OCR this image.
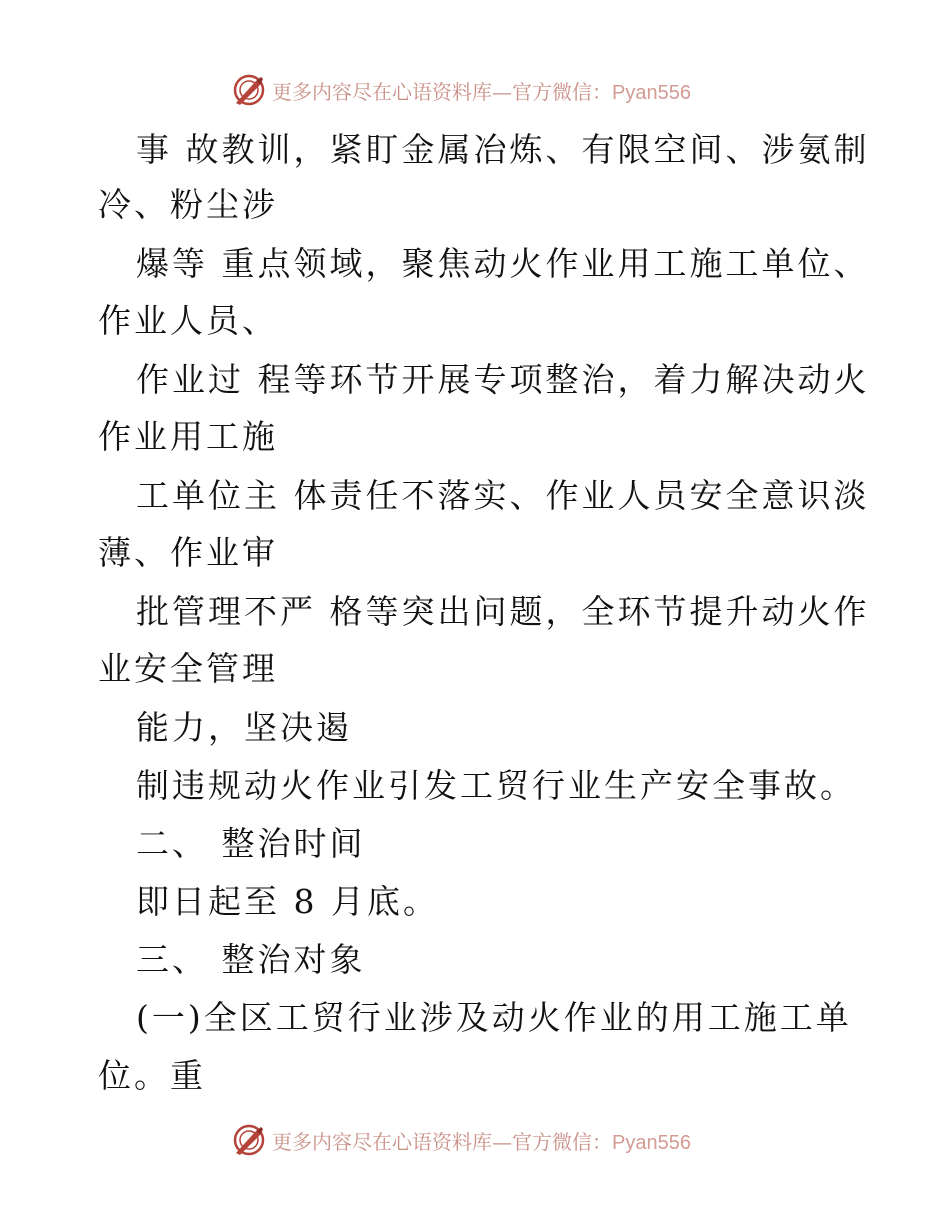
更多内容尽在心语资料库—官方微信：Pyan556
事 故教训，紧盯金属冶炼、有限空间、涉氨制
冷、粉尘涉
爆等 重点领域，聚焦动火作业用工施工单位、
作业人员、
作业过 程等环节开展专项整治，着力解决动火
作业用工施
工单位主 体责任不落实、作业人员安全意识淡
薄、作业审
批管理不严 格等突出问题，全环节提升动火作
业安全管理
能力，坚决遏
制违规动火作业引发工贸行业生产安全事故。
二、 整治时间
即日起至 8 月底。
三、 整治对象
(一)全区工贸行业涉及动火作业的用工施工单
位。重
更多内容尽在心语资料库—官方微信：Pyan556
